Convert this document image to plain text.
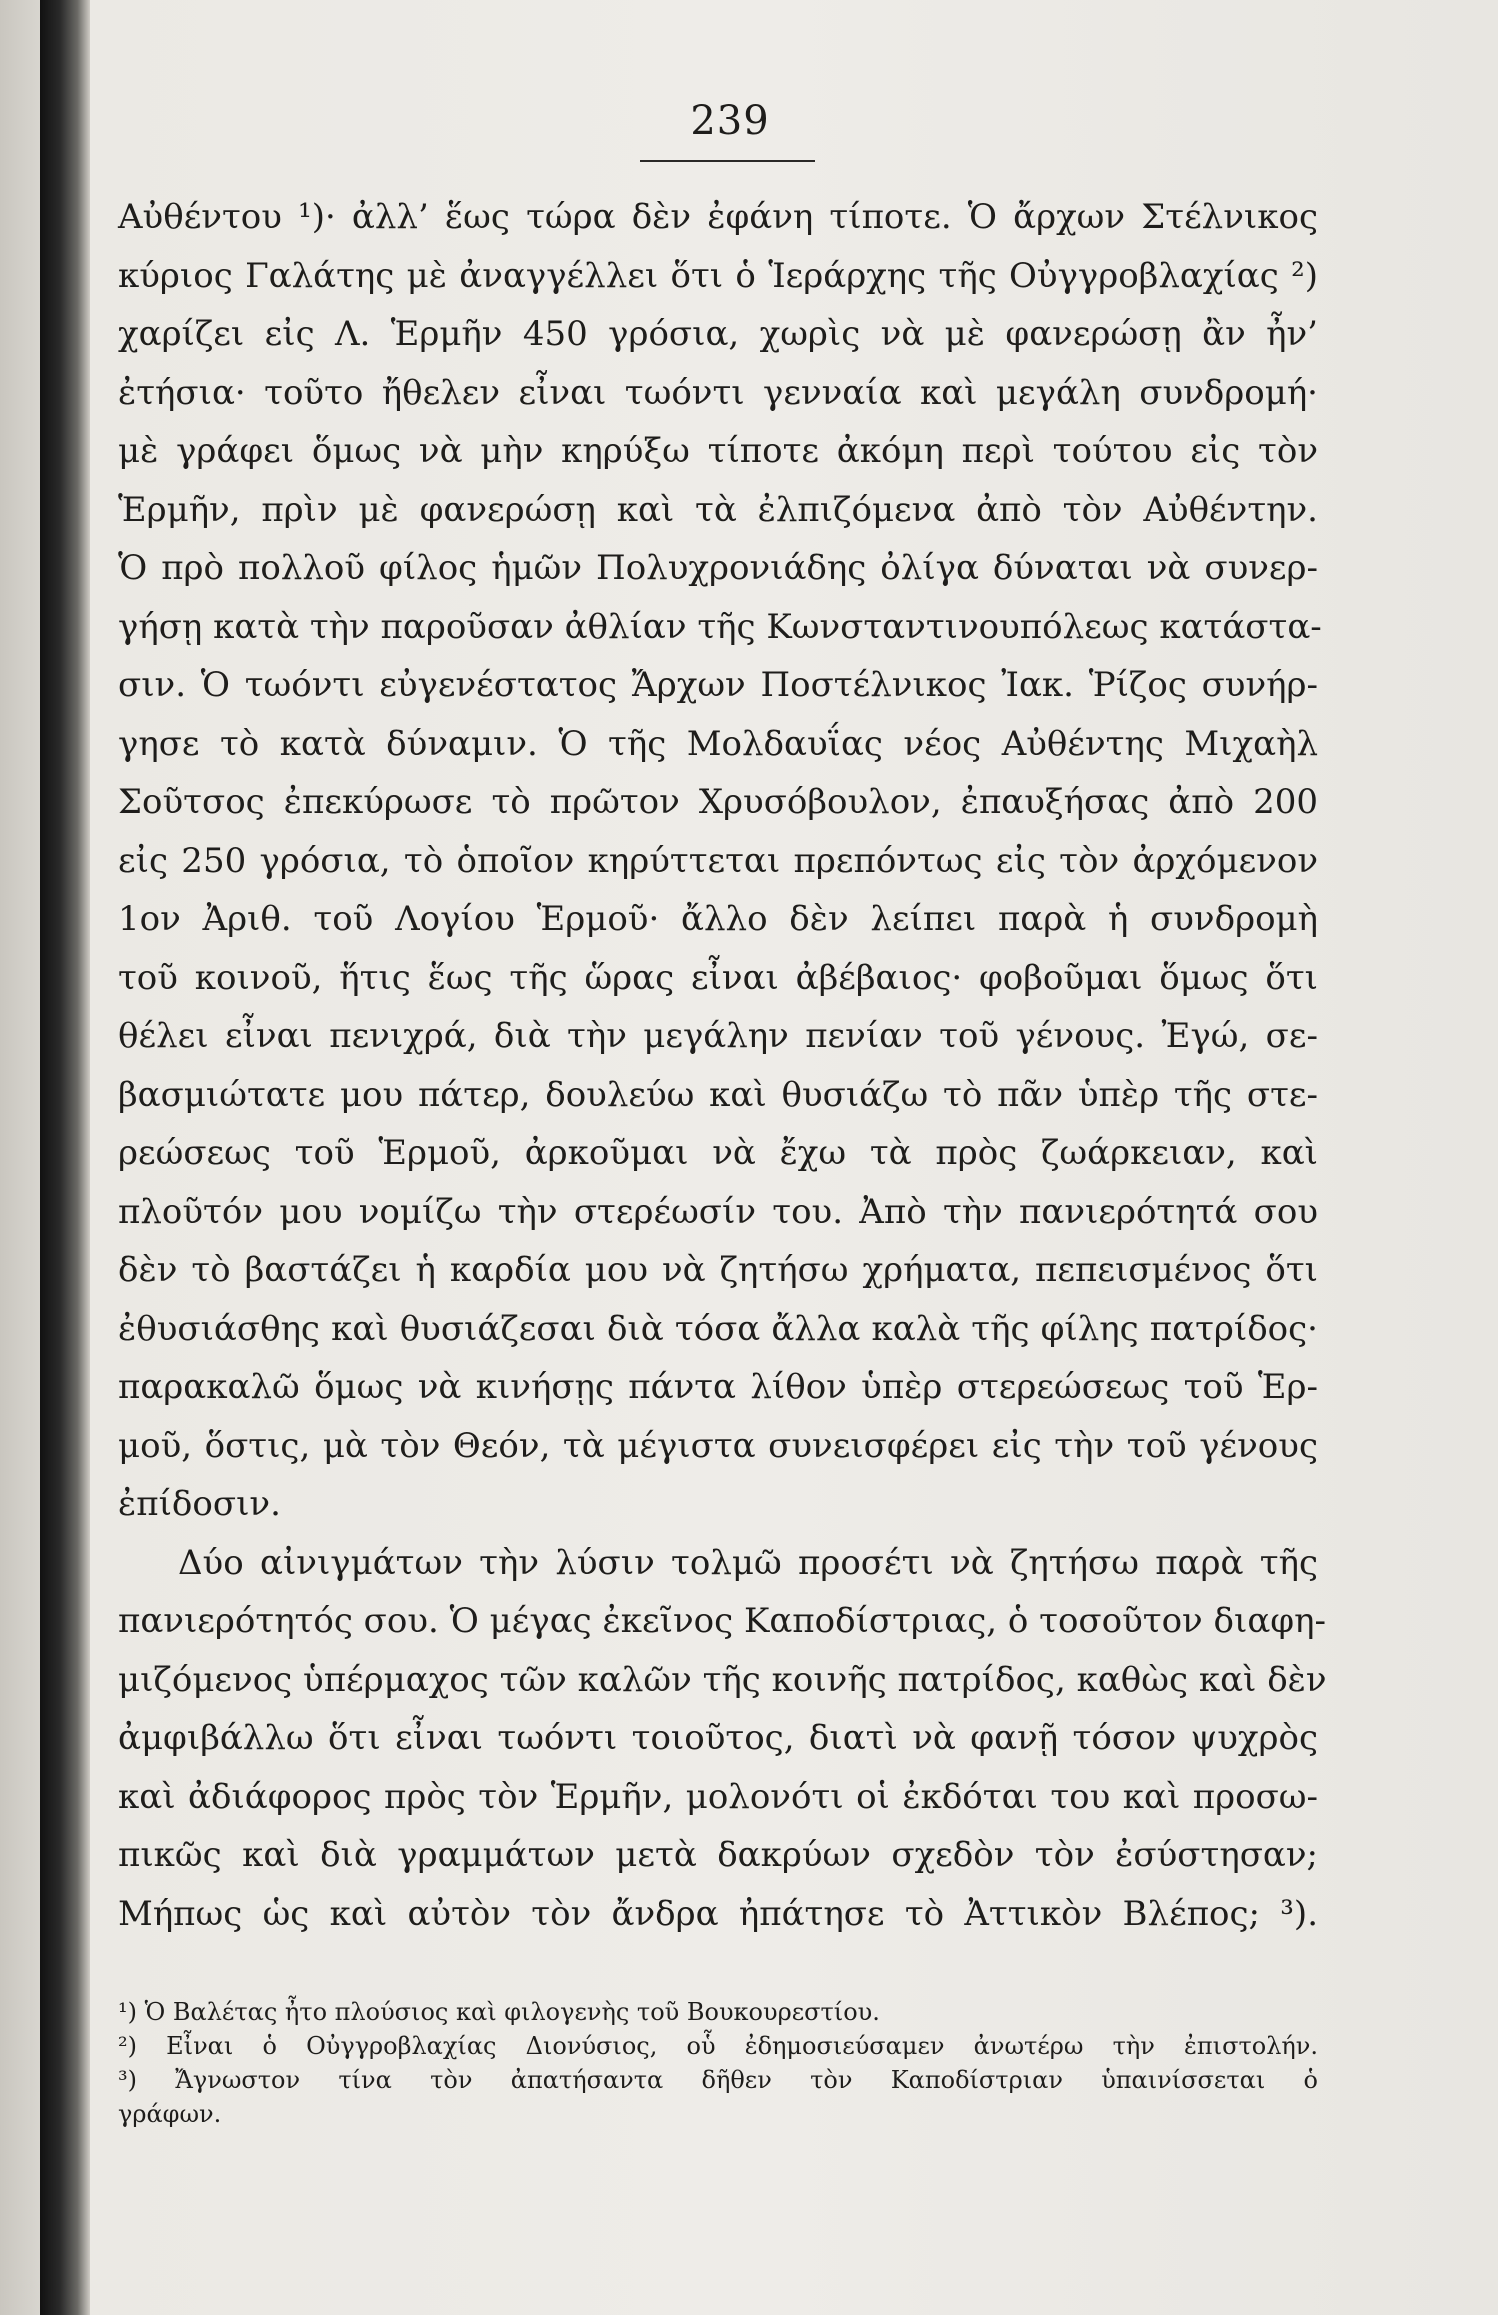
239
Αὐθέντου ¹)· ἀλλ’ ἕως τώρα δὲν ἐφάνη τίποτε. Ὁ ἄρχων Στέλνικος
κύριος Γαλάτης μὲ ἀναγγέλλει ὅτι ὁ Ἱεράρχης τῆς Οὐγγροβλαχίας ²)
χαρίζει εἰς Λ. Ἑρμῆν 450 γρόσια, χωρὶς νὰ μὲ φανερώσῃ ἂν ἦν’
ἐτήσια· τοῦτο ἤθελεν εἶναι τωόντι γενναία καὶ μεγάλη συνδρομή·
μὲ γράφει ὅμως νὰ μὴν κηρύξω τίποτε ἀκόμη περὶ τούτου εἰς τὸν
Ἑρμῆν, πρὶν μὲ φανερώσῃ καὶ τὰ ἐλπιζόμενα ἀπὸ τὸν Αὐθέντην.
Ὁ πρὸ πολλοῦ φίλος ἡμῶν Πολυχρονιάδης ὀλίγα δύναται νὰ συνερ-
γήσῃ κατὰ τὴν παροῦσαν ἀθλίαν τῆς Κωνσταντινουπόλεως κατάστα-
σιν. Ὁ τωόντι εὐγενέστατος Ἄρχων Ποστέλνικος Ἰακ. Ῥίζος συνήρ-
γησε τὸ κατὰ δύναμιν. Ὁ τῆς Μολδαυΐας νέος Αὐθέντης Μιχαὴλ
Σοῦτσος ἐπεκύρωσε τὸ πρῶτον Χρυσόβουλον, ἐπαυξήσας ἀπὸ 200
εἰς 250 γρόσια, τὸ ὁποῖον κηρύττεται πρεπόντως εἰς τὸν ἀρχόμενον
1ον Ἀριθ. τοῦ Λογίου Ἑρμοῦ· ἄλλο δὲν λείπει παρὰ ἡ συνδρομὴ
τοῦ κοινοῦ, ἥτις ἕως τῆς ὥρας εἶναι ἀβέβαιος· φοβοῦμαι ὅμως ὅτι
θέλει εἶναι πενιχρά, διὰ τὴν μεγάλην πενίαν τοῦ γένους. Ἐγώ, σε-
βασμιώτατε μου πάτερ, δουλεύω καὶ θυσιάζω τὸ πᾶν ὑπὲρ τῆς στε-
ρεώσεως τοῦ Ἑρμοῦ, ἀρκοῦμαι νὰ ἔχω τὰ πρὸς ζωάρκειαν, καὶ
πλοῦτόν μου νομίζω τὴν στερέωσίν του. Ἀπὸ τὴν πανιερότητά σου
δὲν τὸ βαστάζει ἡ καρδία μου νὰ ζητήσω χρήματα, πεπεισμένος ὅτι
ἐθυσιάσθης καὶ θυσιάζεσαι διὰ τόσα ἄλλα καλὰ τῆς φίλης πατρίδος·
παρακαλῶ ὅμως νὰ κινήσῃς πάντα λίθον ὑπὲρ στερεώσεως τοῦ Ἑρ-
μοῦ, ὅστις, μὰ τὸν Θεόν, τὰ μέγιστα συνεισφέρει εἰς τὴν τοῦ γένους
ἐπίδοσιν.
Δύο αἰνιγμάτων τὴν λύσιν τολμῶ προσέτι νὰ ζητήσω παρὰ τῆς
πανιερότητός σου. Ὁ μέγας ἐκεῖνος Καποδίστριας, ὁ τοσοῦτον διαφη-
μιζόμενος ὑπέρμαχος τῶν καλῶν τῆς κοινῆς πατρίδος, καθὼς καὶ δὲν
ἀμφιβάλλω ὅτι εἶναι τωόντι τοιοῦτος, διατὶ νὰ φανῇ τόσον ψυχρὸς
καὶ ἀδιάφορος πρὸς τὸν Ἑρμῆν, μολονότι οἱ ἐκδόται του καὶ προσω-
πικῶς καὶ διὰ γραμμάτων μετὰ δακρύων σχεδὸν τὸν ἐσύστησαν;
Μήπως ὡς καὶ αὐτὸν τὸν ἄνδρα ἠπάτησε τὸ Ἀττικὸν Βλέπος; ³).
¹) Ὁ Βαλέτας ἦτο πλούσιος καὶ φιλογενὴς τοῦ Βουκουρεστίου.
²) Εἶναι ὁ Οὐγγροβλαχίας Διονύσιος, οὗ ἐδημοσιεύσαμεν ἀνωτέρω τὴν ἐπιστολήν.
³) Ἄγνωστον τίνα τὸν ἀπατήσαντα δῆθεν τὸν Καποδίστριαν ὑπαινίσσεται ὁ
γράφων.
